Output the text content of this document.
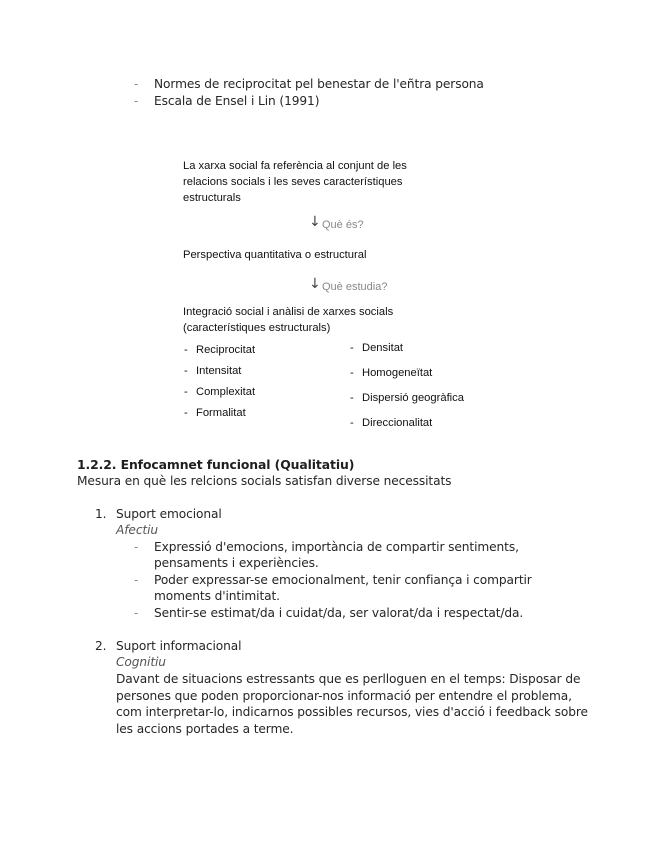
- Normes de reciprocitat pel benestar de l'eñtra persona
- Escala de Ensel i Lin (1991)
La xarxa social fa referència al conjunt de les
relacions socials i les seves característiques
estructurals
↓ Què és?
Perspectiva quantitativa o estructural
↓ Què estudia?
Integració social i anàlisi de xarxes socials
(característiques estructurals)
- Reciprocitat
- Intensitat
- Complexitat
- Formalitat
- Densitat
- Homogeneïtat
- Dispersió geogràfica
- Direccionalitat
1.2.2. Enfocamnet funcional (Qualitatiu)
Mesura en què les relcions socials satisfan diverse necessitats
1. Suport emocional
Afectiu
- Expressió d'emocions, importància de compartir sentiments,
pensaments i experiències.
- Poder expressar-se emocionalment, tenir confiança i compartir
moments d'intimitat.
- Sentir-se estimat/da i cuidat/da, ser valorat/da i respectat/da.
2. Suport informacional
Cognitiu
Davant de situacions estressants que es perlloguen en el temps: Disposar de
persones que poden proporcionar-nos informació per entendre el problema,
com interpretar-lo, indicarnos possibles recursos, vies d'acció i feedback sobre
les accions portades a terme.
